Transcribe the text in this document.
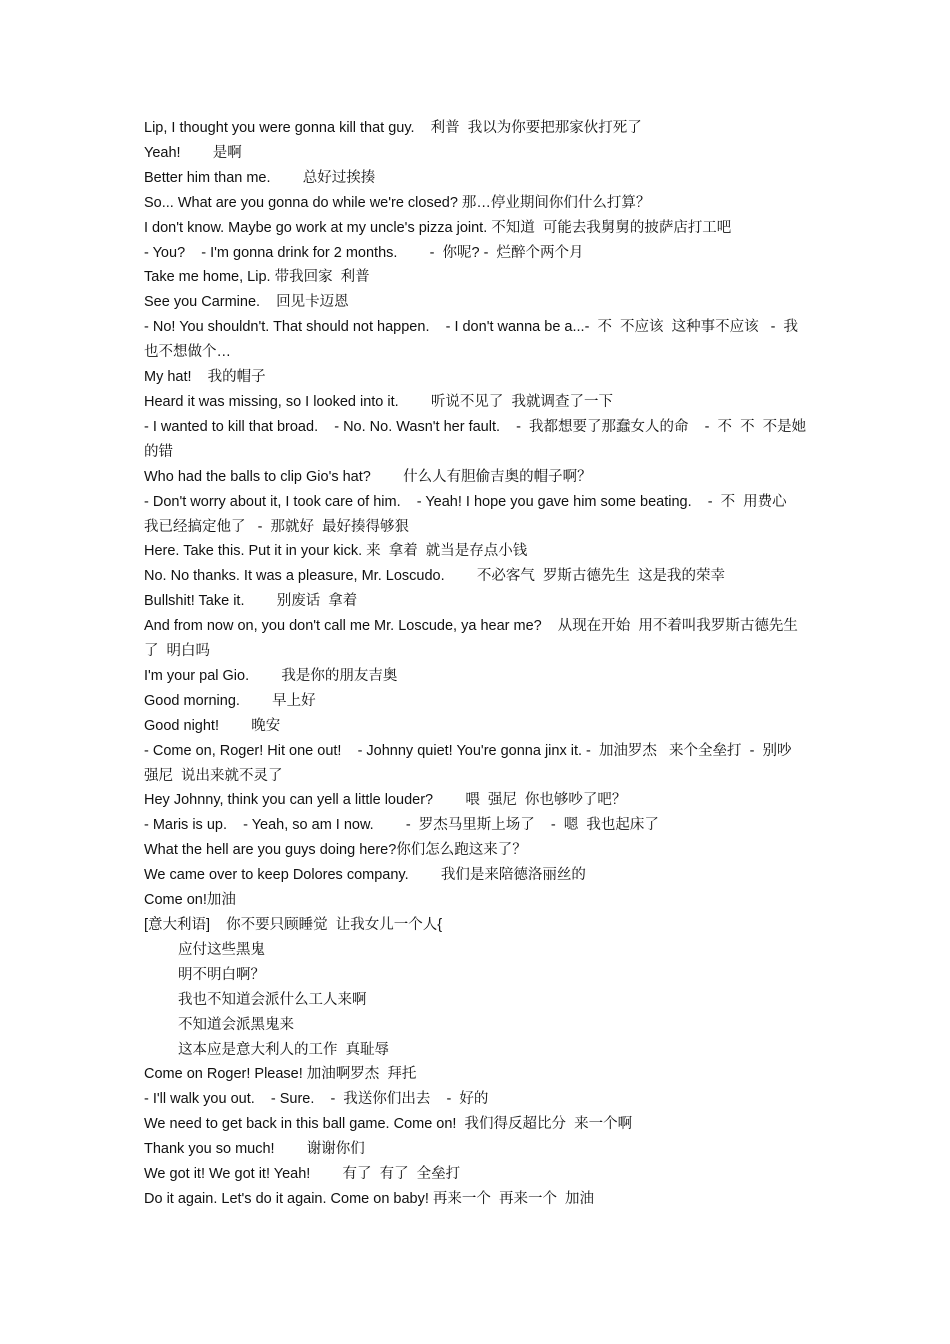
Lip, I thought you were gonna kill that guy.    利普  我以为你要把那家伙打死了
Yeah!        是啊
Better him than me.        总好过挨揍
So... What are you gonna do while we're closed? 那…停业期间你们什么打算？
I don't know. Maybe go work at my uncle's pizza joint. 不知道  可能去我舅舅的披萨店打工吧
- You?    - I'm gonna drink for 2 months.        -  你呢? -  烂醉个两个月
Take me home, Lip. 带我回家  利普
See you Carmine.    回见卡迈恩
- No! You shouldn't. That should not happen.    - I don't wanna be a...-  不  不应该  这种事不应该   -  我也不想做个…
My hat!    我的帽子
Heard it was missing, so I looked into it.        听说不见了  我就调查了一下
- I wanted to kill that broad.    - No. No. Wasn't her fault.    -  我都想要了那蠢女人的命    -  不  不  不是她的错
Who had the balls to clip Gio's hat?        什么人有胆偷吉奥的帽子啊？
- Don't worry about it, I took care of him.    - Yeah! I hope you gave him some beating.    -  不  用费心  我已经搞定他了   -  那就好  最好揍得够狠
Here. Take this. Put it in your kick. 来  拿着  就当是存点小钱
No. No thanks. It was a pleasure, Mr. Loscudo.        不必客气  罗斯古德先生  这是我的荣幸
Bullshit! Take it.        别废话  拿着
And from now on, you don't call me Mr. Loscude, ya hear me?    从现在开始  用不着叫我罗斯古德先生了  明白吗
I'm your pal Gio.        我是你的朋友吉奥
Good morning.        早上好
Good night!        晚安
- Come on, Roger! Hit one out!    - Johnny quiet! You're gonna jinx it. -  加油罗杰   来个全垒打  -  别吵  强尼  说出来就不灵了
Hey Johnny, think you can yell a little louder?        喂  强尼  你也够吵了吧？
- Maris is up.    - Yeah, so am I now.        -  罗杰马里斯上场了    -  嗯  我也起床了
What the hell are you guys doing here?你们怎么跑这来了？
We came over to keep Dolores company.        我们是来陪德洛丽丝的
Come on!加油
[意大利语]    你不要只顾睡觉  让我女儿一个人{
应付这些黑鬼
明不明白啊？
我也不知道会派什么工人来啊
不知道会派黑鬼来
这本应是意大利人的工作  真耻辱
Come on Roger! Please! 加油啊罗杰  拜托
- I'll walk you out.    - Sure.    -  我送你们出去    -  好的
We need to get back in this ball game. Come on!  我们得反超比分  来一个啊
Thank you so much!        谢谢你们
We got it! We got it! Yeah!        有了  有了  全垒打
Do it again. Let's do it again. Come on baby! 再来一个  再来一个  加油
